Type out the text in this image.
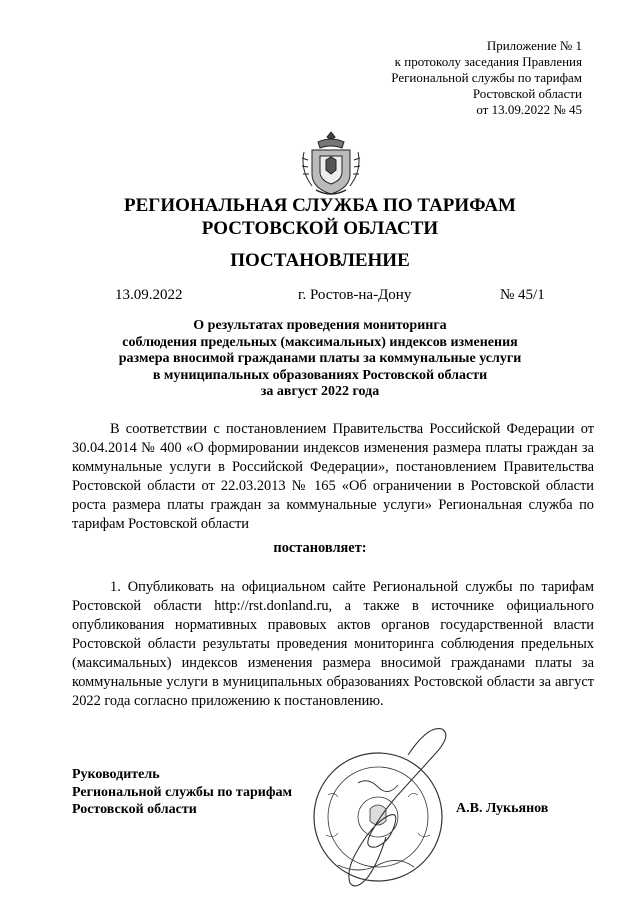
Приложение № 1
к протоколу заседания Правления
Региональной службы по тарифам
Ростовской области
от 13.09.2022 № 45
РЕГИОНАЛЬНАЯ СЛУЖБА ПО ТАРИФАМ
РОСТОВСКОЙ ОБЛАСТИ
ПОСТАНОВЛЕНИЕ
13.09.2022	г. Ростов-на-Дону	№ 45/1
О результатах проведения мониторинга
соблюдения предельных (максимальных) индексов изменения
размера вносимой гражданами платы за коммунальные услуги
в муниципальных образованиях Ростовской области
за август 2022 года
В соответствии с постановлением Правительства Российской Федерации от 30.04.2014 № 400 «О формировании индексов изменения размера платы граждан за коммунальные услуги в Российской Федерации», постановлением Правительства Ростовской области от 22.03.2013 № 165 «Об ограничении в Ростовской области роста размера платы граждан за коммунальные услуги» Региональная служба по тарифам Ростовской области
постановляет:
1. Опубликовать на официальном сайте Региональной службы по тарифам Ростовской области http://rst.donland.ru, а также в источнике официального опубликования нормативных правовых актов органов государственной власти Ростовской области результаты проведения мониторинга соблюдения предельных (максимальных) индексов изменения размера вносимой гражданами платы за коммунальные услуги в муниципальных образованиях Ростовской области за август 2022 года согласно приложению к постановлению.
Руководитель
Региональной службы по тарифам
Ростовской области	А.В. Лукьянов
